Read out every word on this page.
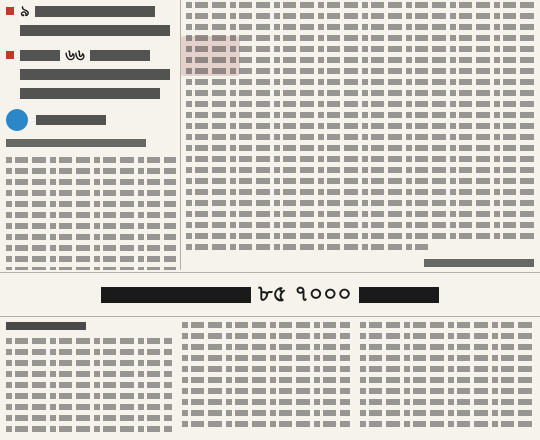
৯

৬৬

৮৫ ৭০০০
